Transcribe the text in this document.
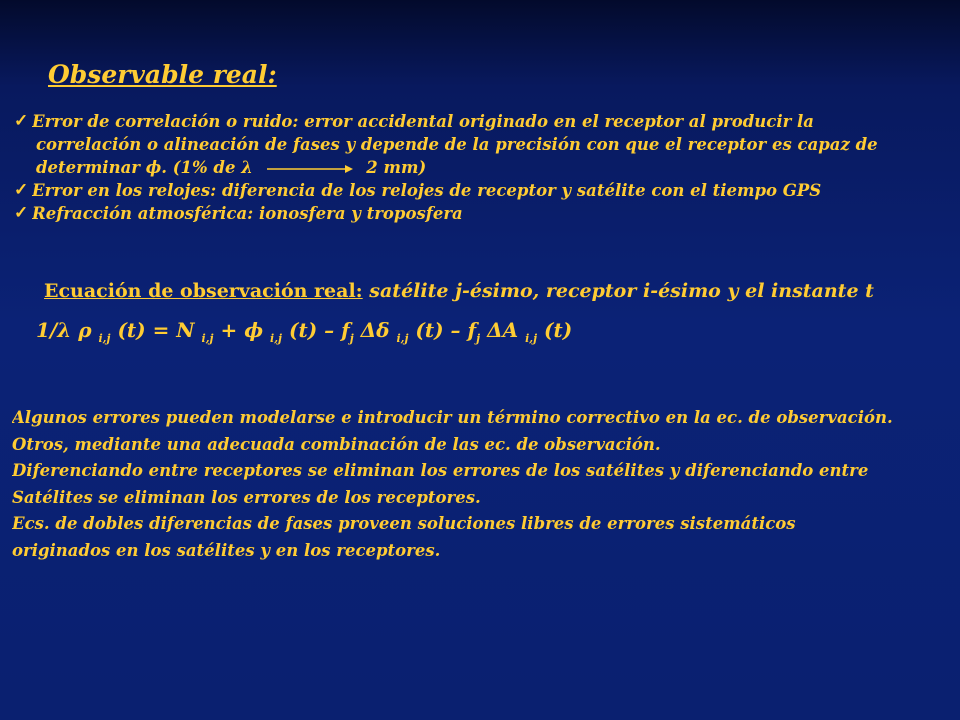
Observable real:
✓ Error de correlación o ruido: error accidental originado en el receptor al producir la
correlación o alineación de fases y depende de la precisión con que el receptor es capaz de
determinar ϕ. (1% de λ	2 mm)
✓ Error en los relojes: diferencia de los relojes de receptor y satélite con el tiempo GPS
✓ Refracción atmosférica: ionosfera y troposfera
Ecuación de observación real: satélite j-ésimo, receptor i-ésimo y el instante t
1/λ ρ $_{i,j}$ (t) = N $_{i,j}$ + ϕ $_{i,j}$ $(t) - f_j$ Δδ $_{i,j}$ $(t) - f_j$ ΔA $_{i,j}$ (t)
Algunos errores pueden modelarse e introducir un término correctivo en la ec. de observación.
Otros, mediante una adecuada combinación de las ec. de observación.
Diferenciando entre receptores se eliminan los errores de los satélites y diferenciando entre
Satélites se eliminan los errores de los receptores.
Ecs. de dobles diferencias de fases proveen soluciones libres de errores sistemáticos
originados en los satélites y en los receptores.
